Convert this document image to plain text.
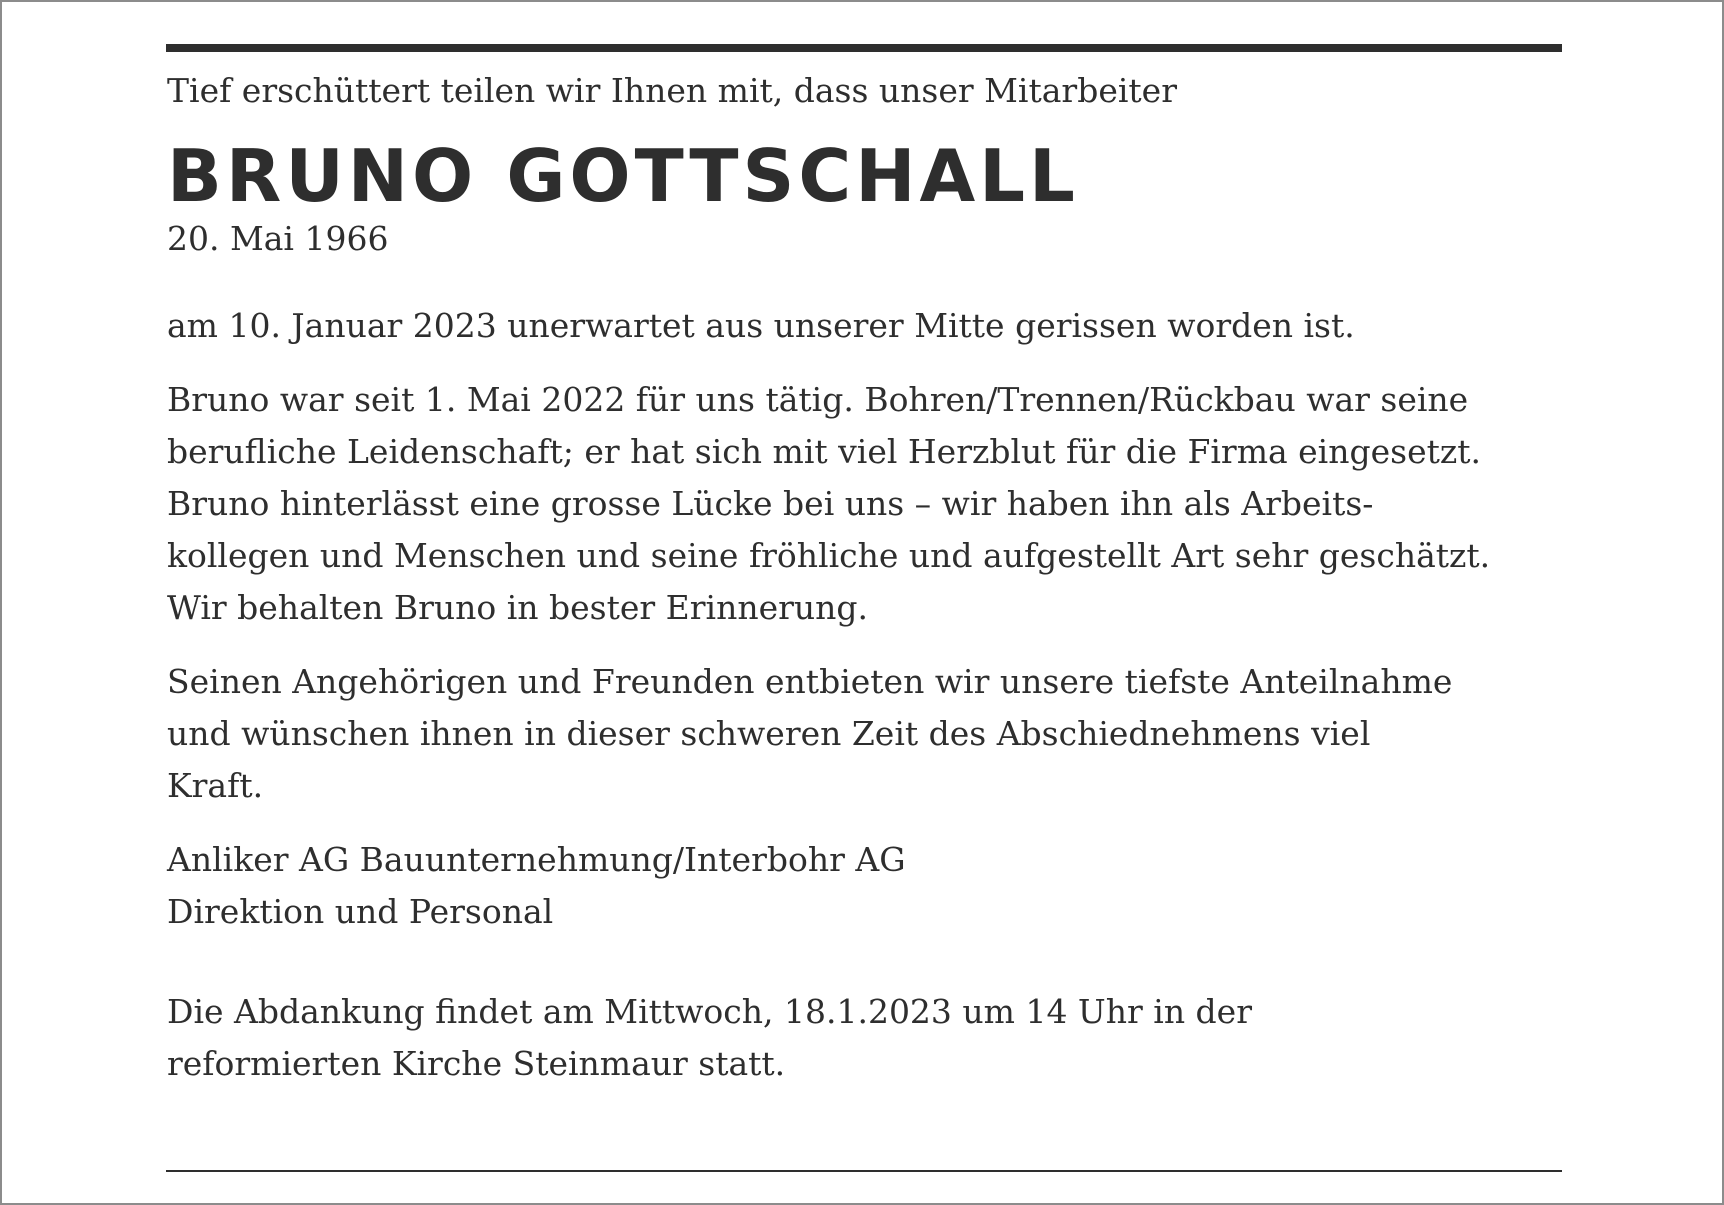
Tief erschüttert teilen wir Ihnen mit, dass unser Mitarbeiter

BRUNO GOTTSCHALL

20. Mai 1966

am 10. Januar 2023 unerwartet aus unserer Mitte gerissen worden ist.

Bruno war seit 1. Mai 2022 für uns tätig. Bohren/Trennen/Rückbau war seine

berufliche Leidenschaft; er hat sich mit viel Herzblut für die Firma eingesetzt.

Bruno hinterlässt eine grosse Lücke bei uns – wir haben ihn als Arbeits-

kollegen und Menschen und seine fröhliche und aufgestellt Art sehr geschätzt.

Wir behalten Bruno in bester Erinnerung.

Seinen Angehörigen und Freunden entbieten wir unsere tiefste Anteilnahme

und wünschen ihnen in dieser schweren Zeit des Abschiednehmens viel

Kraft.

Anliker AG Bauunternehmung/Interbohr AG

Direktion und Personal

Die Abdankung findet am Mittwoch, 18.1.2023 um 14 Uhr in der

reformierten Kirche Steinmaur statt.
